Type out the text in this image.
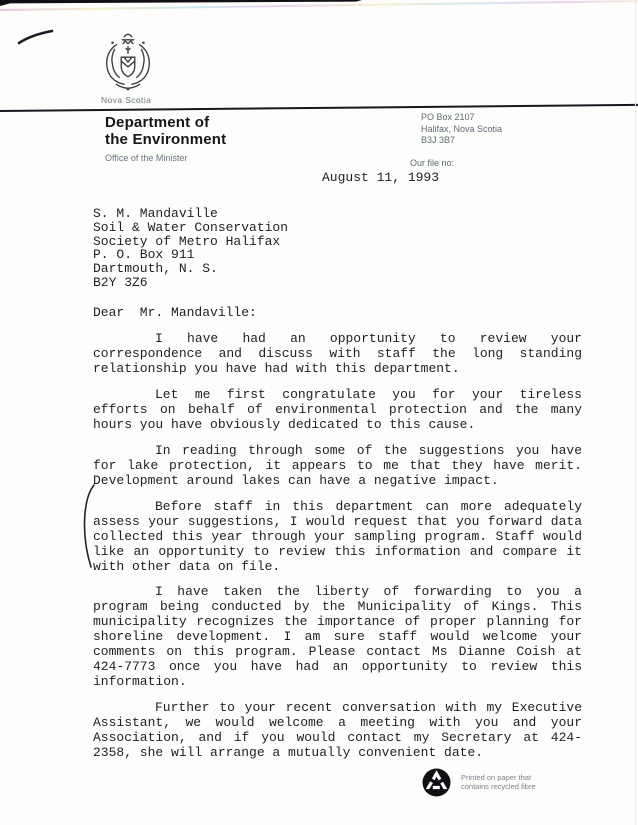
Nova Scotia
Department of
the Environment
Office of the Minister
PO Box 2107
Halifax, Nova Scotia
B3J 3B7
Our file no:
August 11, 1993
S. M. Mandaville
Soil & Water Conservation
Society of Metro Halifax
P. O. Box 911
Dartmouth, N. S.
B2Y 3Z6
Dear  Mr. Mandaville:

I have had an opportunity to review your correspondence and discuss with staff the long standing relationship you have had with this department.

Let me first congratulate you for your tireless efforts on behalf of environmental protection and the many hours you have obviously dedicated to this cause.

In reading through some of the suggestions you have for lake protection, it appears to me that they have merit. Development around lakes can have a negative impact.

Before staff in this department can more adequately assess your suggestions, I would request that you forward data collected this year through your sampling program. Staff would like an opportunity to review this information and compare it with other data on file.

I have taken the liberty of forwarding to you a program being conducted by the Municipality of Kings. This municipality recognizes the importance of proper planning for shoreline development. I am sure staff would welcome your comments on this program. Please contact Ms Dianne Coish at 424-7773 once you have had an opportunity to review this information.

Further to your recent conversation with my Executive Assistant, we would welcome a meeting with you and your Association, and if you would contact my Secretary at 424-2358, she will arrange a mutually convenient date.

Printed on paper that
contains recycled fibre
